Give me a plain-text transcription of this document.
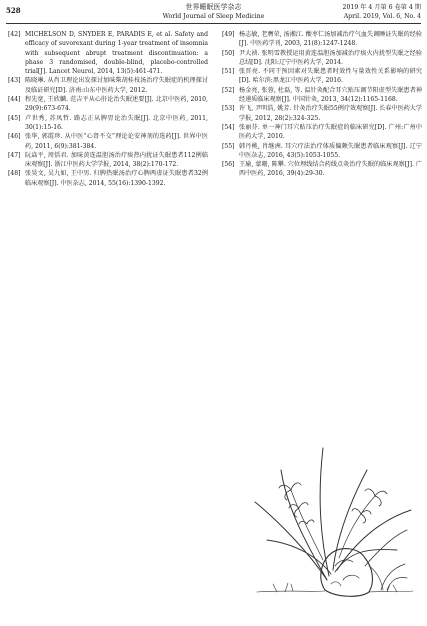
528	世界睡眠医学杂志
World Journal of Sleep Medicine
2019 年 4 月第 6 卷第 4 期
April. 2019, Vol. 6, No. 4

[42] MICHELSON D, SNYDER E, PARADIS E, et al. Safety and efficacy of suvorexant during 1-year treatment of insomnia with subsequent abrupt treatment discontinuation: a phase 3 randomised, double-blind, placebo-controlled trial[J]. Lancet Neurol, 2014, 13(5):461-471.

[43] 陈晓琳. 从肖卫理论出发探讨加味柴胡桂枝汤治疗失眠症的机理探讨及临证研究[D]. 济南:山东中医药大学, 2012.

[44] 程先宽, 王欣麟. 范吉平从心肝论治失眠述要[J]. 北京中医药, 2010, 29(9):673-674.

[45] 卢世秀, 苏凤哲. 路志正从脾胃论治失眠[J]. 北京中医药, 2011, 30(1):15-16.

[46] 张华, 郭霞珍. 从中医“心肾不交”理论论安神剂的选药[J]. 世界中医药, 2011, 6(9):381-384.

[47] 阮焱平, 周恬君. 加味黄连温胆汤治疗痰热内扰证失眠患者112例临床观察[J]. 浙江中医药大学学报, 2014, 38(2):170-172.

[48] 张昊文, 吴九如, 王中男. 归脾热眠汤治疗心脾两虚证失眠患者32例临床观察[J]. 中医杂志, 2014, 55(16):1390-1392.

[49] 杨志敏, 老膺荣, 汤湘江. 酸枣仁汤加减治疗气血失调睡证失眠的经验[J]. 中医药学刊, 2003, 21(8):1247-1248.

[50] 尹大祯. 张明雪教授运用黄连温胆汤加减治疗痰火内扰型失眠之经验总结[D]. 沈阳:辽宁中医药大学, 2014.

[51] 张晋亮. 不同干预因素对失眠患者时效性与量效性关系影响的研究[D]. 哈尔滨:黑龙江中医药大学, 2016.

[52] 杨金亮, 张蓉, 杜磊, 等. 温针灸配合耳穴贴压调节阳虚型失眠患者神经递质临床观察[J]. 中国针灸, 2013, 34(12):1165-1168.

[53] 许飞, 尹明浩, 姚芳. 针灸治疗失眠55例疗效观察[J]. 长春中医药大学学报, 2012, 28(2):324-325.

[54] 张丽芬. 单一神门耳穴贴压治疗失眠症的临床研究[D]. 广州:广州中医药大学, 2010.

[55] 韩丹桃, 肖继洲. 耳穴疗法治疗体质偏颇失眠患者临床观察[J]. 辽宁中医杂志, 2016, 43(5):1053-1055.

[56] 王瑜, 蒙珊, 陈攀. 穴位埋线结合药线点灸治疗失眠的临床观察[J]. 广西中医药, 2016, 39(4):29-30.
